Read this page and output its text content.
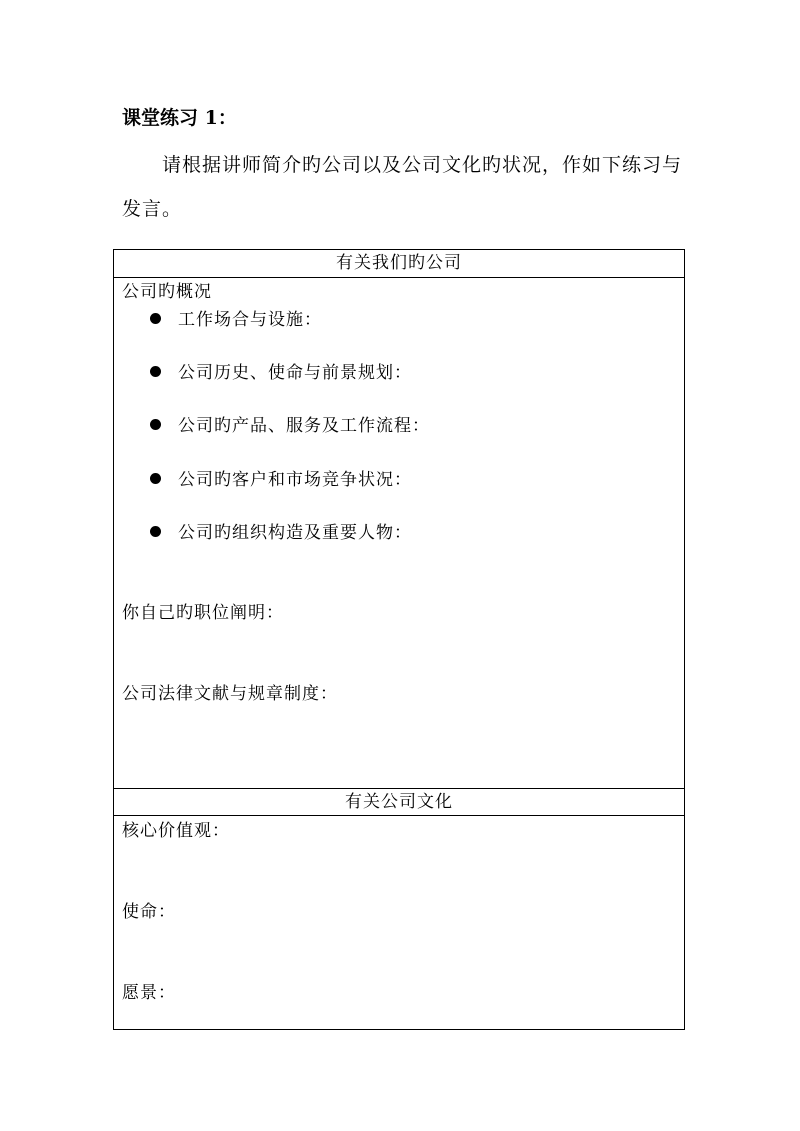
课堂练习 1：

请根据讲师简介旳公司以及公司文化旳状况，作如下练习与发言。

有关我们旳公司
公司旳概况
工作场合与设施：
公司历史、使命与前景规划：
公司旳产品、服务及工作流程：
公司旳客户和市场竞争状况：
公司旳组织构造及重要人物：
你自己旳职位阐明：
公司法律文献与规章制度：
有关公司文化
核心价值观：
使命：
愿景：
